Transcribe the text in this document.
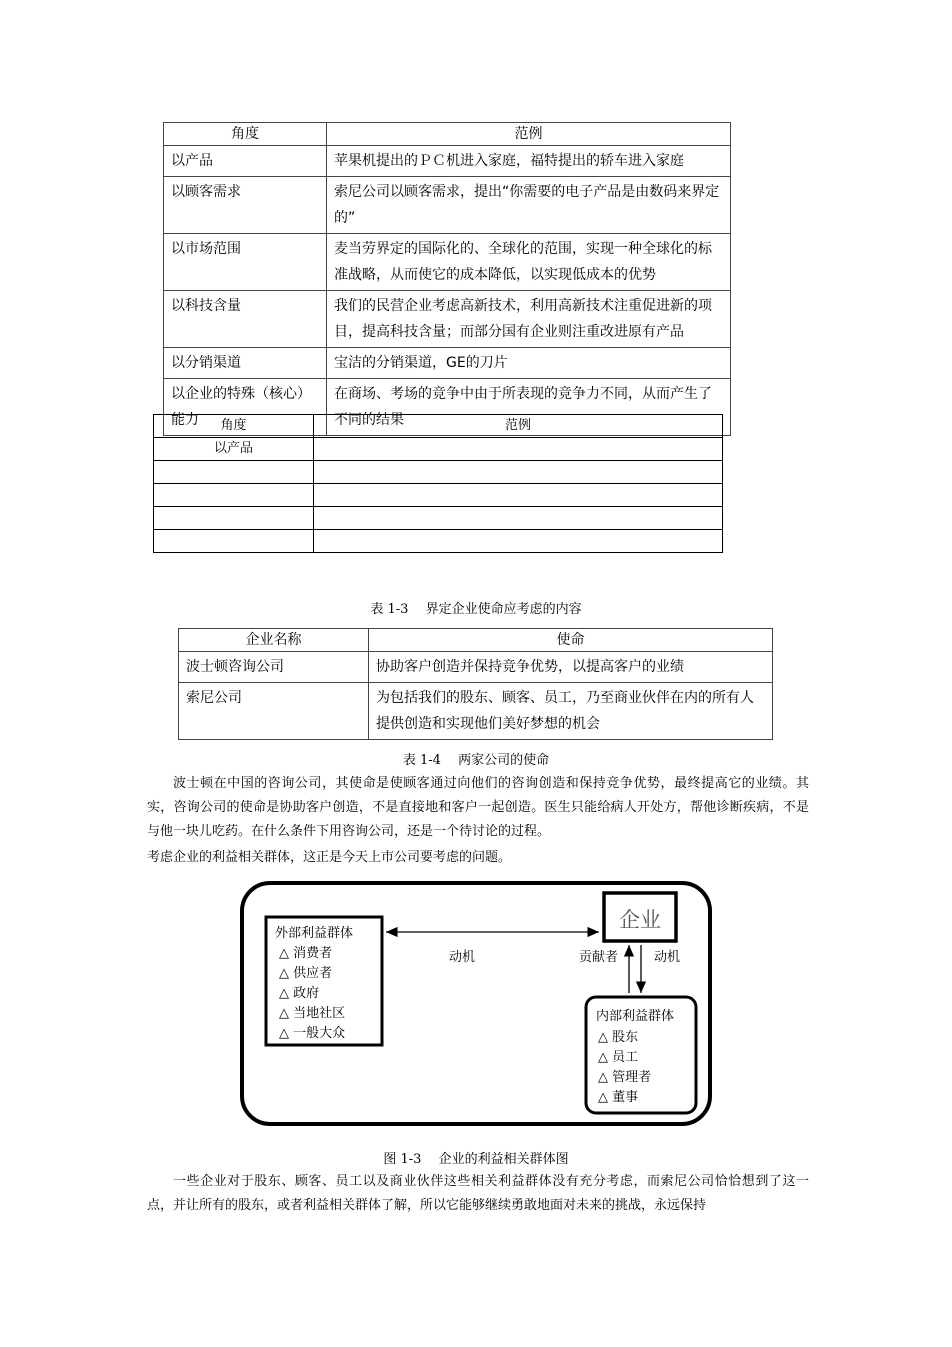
角度	范例
以产品	苹果机提出的ＰＣ机进入家庭，福特提出的轿车进入家庭
以顾客需求	索尼公司以顾客需求，提出“你需要的电子产品是由数码来界定的”
以市场范围	麦当劳界定的国际化的、全球化的范围，实现一种全球化的标准战略，从而使它的成本降低，以实现低成本的优势
以科技含量	我们的民营企业考虑高新技术，利用高新技术注重促进新的项目，提高科技含量；而部分国有企业则注重改进原有产品
以分销渠道	宝洁的分销渠道，GE的刀片
以企业的特殊（核心）能力	在商场、考场的竞争中由于所表现的竞争力不同，从而产生了不同的结果
角度	范例
以产品	

表 1-3　 界定企业使命应考虑的内容
企业名称	使命
波士顿咨询公司	协助客户创造并保持竞争优势，以提高客户的业绩
索尼公司	为包括我们的股东、顾客、员工，乃至商业伙伴在内的所有人提供创造和实现他们美好梦想的机会
表 1-4　 两家公司的使命

波士顿在中国的咨询公司，其使命是使顾客通过向他们的咨询创造和保持竞争优势，最终提高它的业绩。其实，咨询公司的使命是协助客户创造，不是直接地和客户一起创造。医生只能给病人开处方，帮他诊断疾病，不是与他一块儿吃药。在什么条件下用咨询公司，还是一个待讨论的过程。

考虑企业的利益相关群体，这正是今天上市公司要考虑的问题。

外部利益群体
△ 消费者
△ 供应者
△ 政府
△ 当地社区
△ 一般大众
企业
动机	贡献者	动机
内部利益群体
△ 股东
△ 员工
△ 管理者
△ 董事
图 1-3　 企业的利益相关群体图

一些企业对于股东、顾客、员工以及商业伙伴这些相关利益群体没有充分考虑，而索尼公司恰恰想到了这一点，并让所有的股东，或者利益相关群体了解，所以它能够继续勇敢地面对未来的挑战，永远保持
